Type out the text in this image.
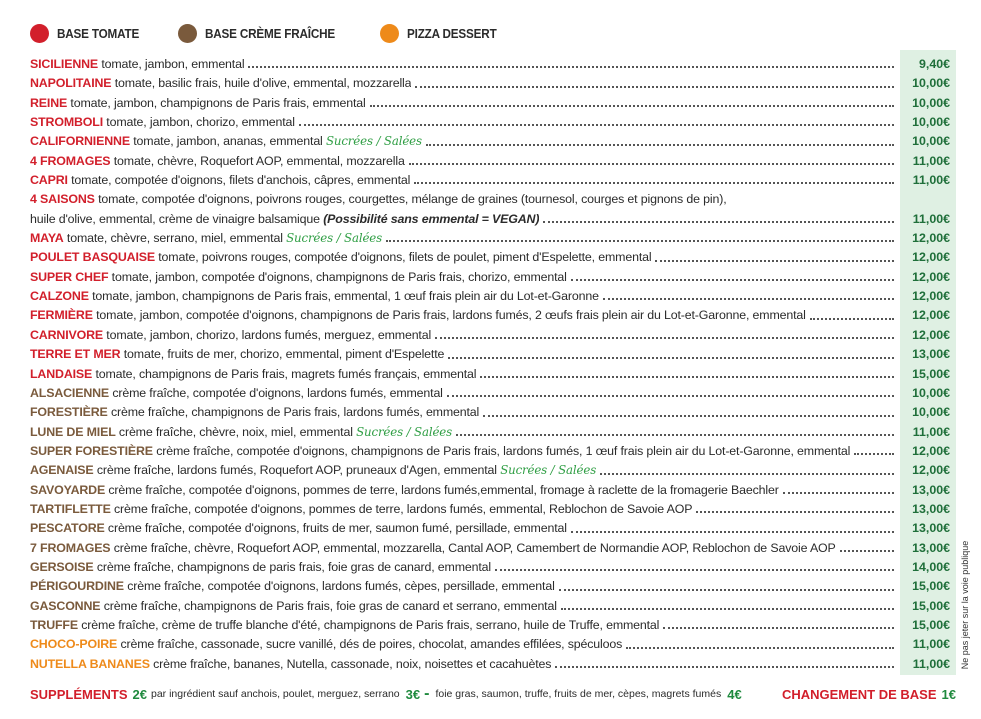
BASE TOMATE	BASE CRÈME FRAÎCHE	PIZZA DESSERT
SICILIENNE tomate, jambon, emmental	9,40€
NAPOLITAINE tomate, basilic frais, huile d'olive, emmental, mozzarella	10,00€
REINE tomate, jambon, champignons de Paris frais, emmental	10,00€
STROMBOLI tomate, jambon, chorizo, emmental	10,00€
CALIFORNIENNE tomate, jambon, ananas, emmental Sucrées / Salées	10,00€
4 FROMAGES tomate, chèvre, Roquefort AOP, emmental, mozzarella	11,00€
CAPRI tomate, compotée d'oignons, filets d'anchois, câpres, emmental	11,00€
4 SAISONS tomate, compotée d'oignons, poivrons rouges, courgettes, mélange de graines (tournesol, courges et pignons de pin),
huile d'olive, emmental, crème de vinaigre balsamique (Possibilité sans emmental = VEGAN)	11,00€
MAYA tomate, chèvre, serrano, miel, emmental Sucrées / Salées	12,00€
POULET BASQUAISE tomate, poivrons rouges, compotée d'oignons, filets de poulet, piment d'Espelette, emmental	12,00€
SUPER CHEF tomate, jambon, compotée d'oignons, champignons de Paris frais, chorizo, emmental	12,00€
CALZONE tomate, jambon, champignons de Paris frais, emmental, 1 œuf frais plein air du Lot-et-Garonne	12,00€
FERMIÈRE tomate, jambon, compotée d'oignons, champignons de Paris frais, lardons fumés, 2 œufs frais plein air du Lot-et-Garonne, emmental	12,00€
CARNIVORE tomate, jambon, chorizo, lardons fumés, merguez, emmental	12,00€
TERRE ET MER tomate, fruits de mer, chorizo, emmental, piment d'Espelette	13,00€
LANDAISE tomate, champignons de Paris frais, magrets fumés français, emmental	15,00€
ALSACIENNE crème fraîche, compotée d'oignons, lardons fumés, emmental	10,00€
FORESTIÈRE crème fraîche, champignons de Paris frais, lardons fumés, emmental	10,00€
LUNE DE MIEL crème fraîche, chèvre, noix, miel, emmental Sucrées / Salées	11,00€
SUPER FORESTIÈRE crème fraîche, compotée d'oignons, champignons de Paris frais, lardons fumés, 1 œuf frais plein air du Lot-et-Garonne, emmental	12,00€
AGENAISE crème fraîche, lardons fumés, Roquefort AOP, pruneaux d'Agen, emmental Sucrées / Salées	12,00€
SAVOYARDE crème fraîche, compotée d'oignons, pommes de terre, lardons fumés,emmental, fromage à raclette de la fromagerie Baechler	13,00€
TARTIFLETTE crème fraîche, compotée d'oignons, pommes de terre, lardons fumés, emmental, Reblochon de Savoie AOP	13,00€
PESCATORE crème fraîche, compotée d'oignons, fruits de mer, saumon fumé, persillade, emmental	13,00€
7 FROMAGES crème fraîche, chèvre, Roquefort AOP, emmental, mozzarella, Cantal AOP, Camembert de Normandie AOP, Reblochon de Savoie AOP	13,00€
GERSOISE crème fraîche, champignons de paris frais, foie gras de canard, emmental	14,00€
PÉRIGOURDINE crème fraîche, compotée d'oignons, lardons fumés, cèpes, persillade, emmental	15,00€
GASCONNE crème fraîche, champignons de Paris frais, foie gras de canard et serrano, emmental	15,00€
TRUFFE crème fraîche, crème de truffe blanche d'été, champignons de Paris frais, serrano, huile de Truffe, emmental	15,00€
CHOCO-POIRE crème fraîche, cassonade, sucre vanillé, dés de poires, chocolat, amandes effilées, spéculoos	11,00€
NUTELLA BANANES crème fraîche, bananes, Nutella, cassonade, noix, noisettes et cacahuètes	11,00€
SUPPLÉMENTS 2€ par ingrédient sauf anchois, poulet, merguez, serrano 3€ - foie gras, saumon, truffe, fruits de mer, cèpes, magrets fumés 4€	CHANGEMENT DE BASE 1€
Ne pas jeter sur la voie publique
